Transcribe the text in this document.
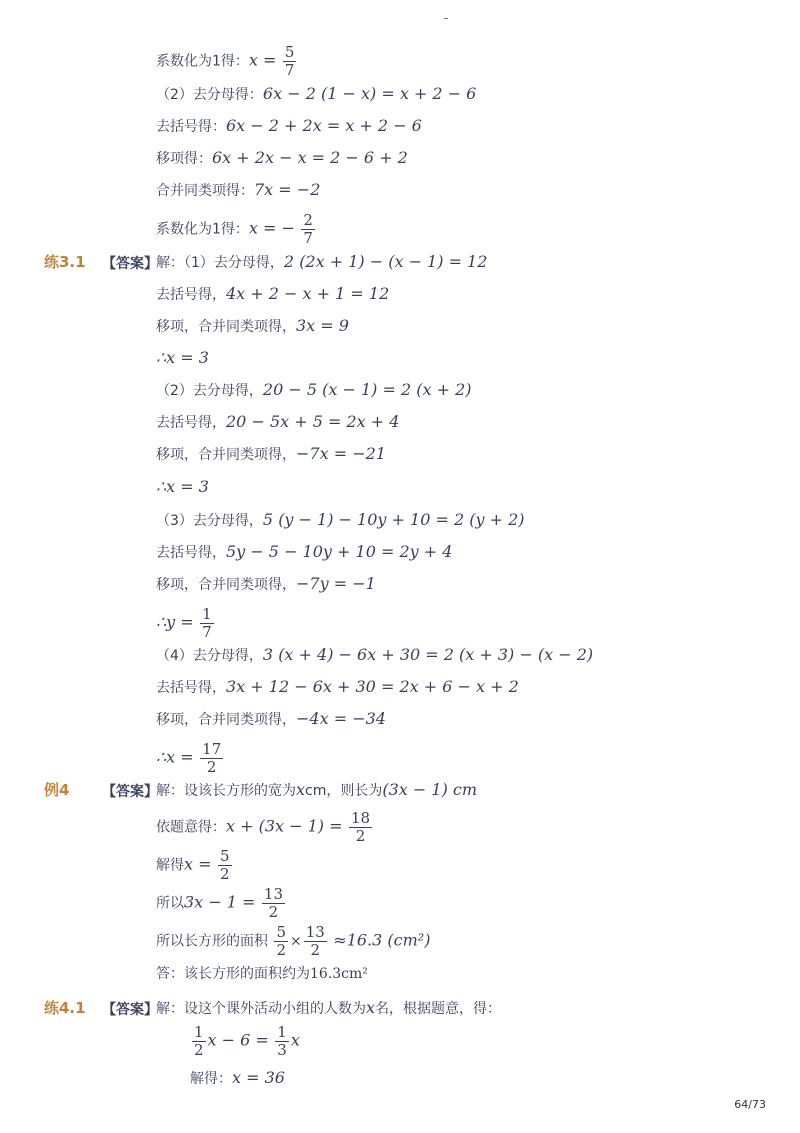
系数化为1得：$x = \frac{5}{7}$
（2）去分母得：6x − 2 (1 − x) = x + 2 − 6
去括号得：6x − 2 + 2x = x + 2 − 6
移项得：6x + 2x − x = 2 − 6 + 2
合并同类项得：7x = −2
系数化为1得：x = − $\frac{2}{7}$
练3.1 【答案】
解：（1）去分母得，2 (2x + 1) − (x − 1) = 12
去括号得，4x + 2 − x + 1 = 12
移项，合并同类项得，3x = 9
∴x = 3
（2）去分母得，20 − 5 (x − 1) = 2 (x + 2)
去括号得，20 − 5x + 5 = 2x + 4
移项，合并同类项得，−7x = −21
∴x = 3
（3）去分母得，5 (y − 1) − 10y + 10 = 2 (y + 2)
去括号得，5y − 5 − 10y + 10 = 2y + 4
移项，合并同类项得，−7y = −1
∴y = $\frac{1}{7}$
（4）去分母得，3 (x + 4) − 6x + 30 = 2 (x + 3) − (x − 2)
去括号得，3x + 12 − 6x + 30 = 2x + 6 − x + 2
移项，合并同类项得，−4x = −34
∴x = $\frac{17}{2}$
例4 【答案】
解：设该长方形的宽为xcm，则长为(3x − 1) cm
依题意得：$x + (3x - 1) = \frac{18}{2}$
解得$x = \frac{5}{2}$
所以$3x - 1 = \frac{13}{2}$
所以长方形的面积 $\frac{5}{2} \times \frac{13}{2} \approx 16.3$ (cm²)
答：该长方形的面积约为16.3cm²
练4.1 【答案】
解：设这个课外活动小组的人数为x名，根据题意，得：
$\frac{1}{2}$ $x - 6 = \frac{1}{3}$ x
解得：x = 36
64/73
